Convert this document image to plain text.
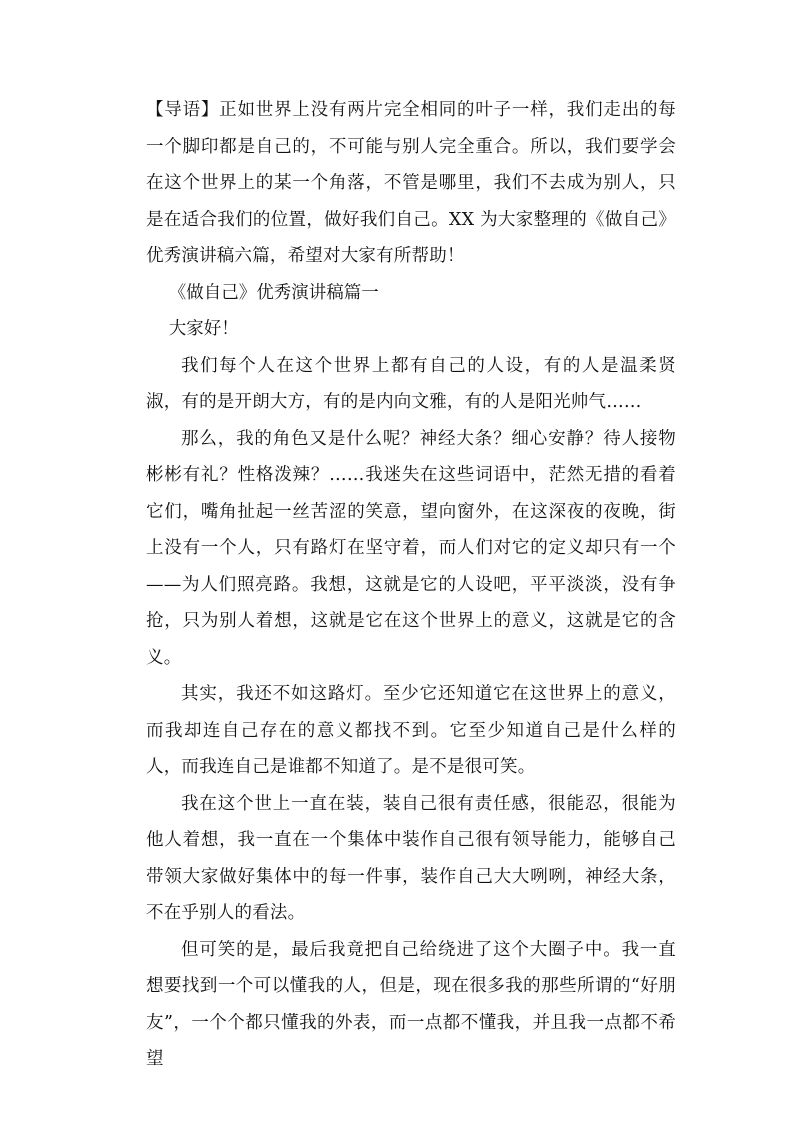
【导语】正如世界上没有两片完全相同的叶子一样，我们走出的每一个脚印都是自己的，不可能与别人完全重合。所以，我们要学会在这个世界上的某一个角落，不管是哪里，我们不去成为别人，只是在适合我们的位置，做好我们自己。XX 为大家整理的《做自己》优秀演讲稿六篇，希望对大家有所帮助！

《做自己》优秀演讲稿篇一

大家好！

我们每个人在这个世界上都有自己的人设，有的人是温柔贤淑，有的是开朗大方，有的是内向文雅，有的人是阳光帅气……

那么，我的角色又是什么呢？神经大条？细心安静？待人接物彬彬有礼？性格泼辣？……我迷失在这些词语中，茫然无措的看着它们，嘴角扯起一丝苦涩的笑意，望向窗外，在这深夜的夜晚，街上没有一个人，只有路灯在坚守着，而人们对它的定义却只有一个——为人们照亮路。我想，这就是它的人设吧，平平淡淡，没有争抢，只为别人着想，这就是它在这个世界上的意义，这就是它的含义。

其实，我还不如这路灯。至少它还知道它在这世界上的意义，而我却连自己存在的意义都找不到。它至少知道自己是什么样的人，而我连自己是谁都不知道了。是不是很可笑。

我在这个世上一直在装，装自己很有责任感，很能忍，很能为他人着想，我一直在一个集体中装作自己很有领导能力，能够自己带领大家做好集体中的每一件事，装作自己大大咧咧，神经大条，不在乎别人的看法。

但可笑的是，最后我竟把自己给绕进了这个大圈子中。我一直想要找到一个可以懂我的人，但是，现在很多我的那些所谓的“好朋友”，一个个都只懂我的外表，而一点都不懂我，并且我一点都不希望
